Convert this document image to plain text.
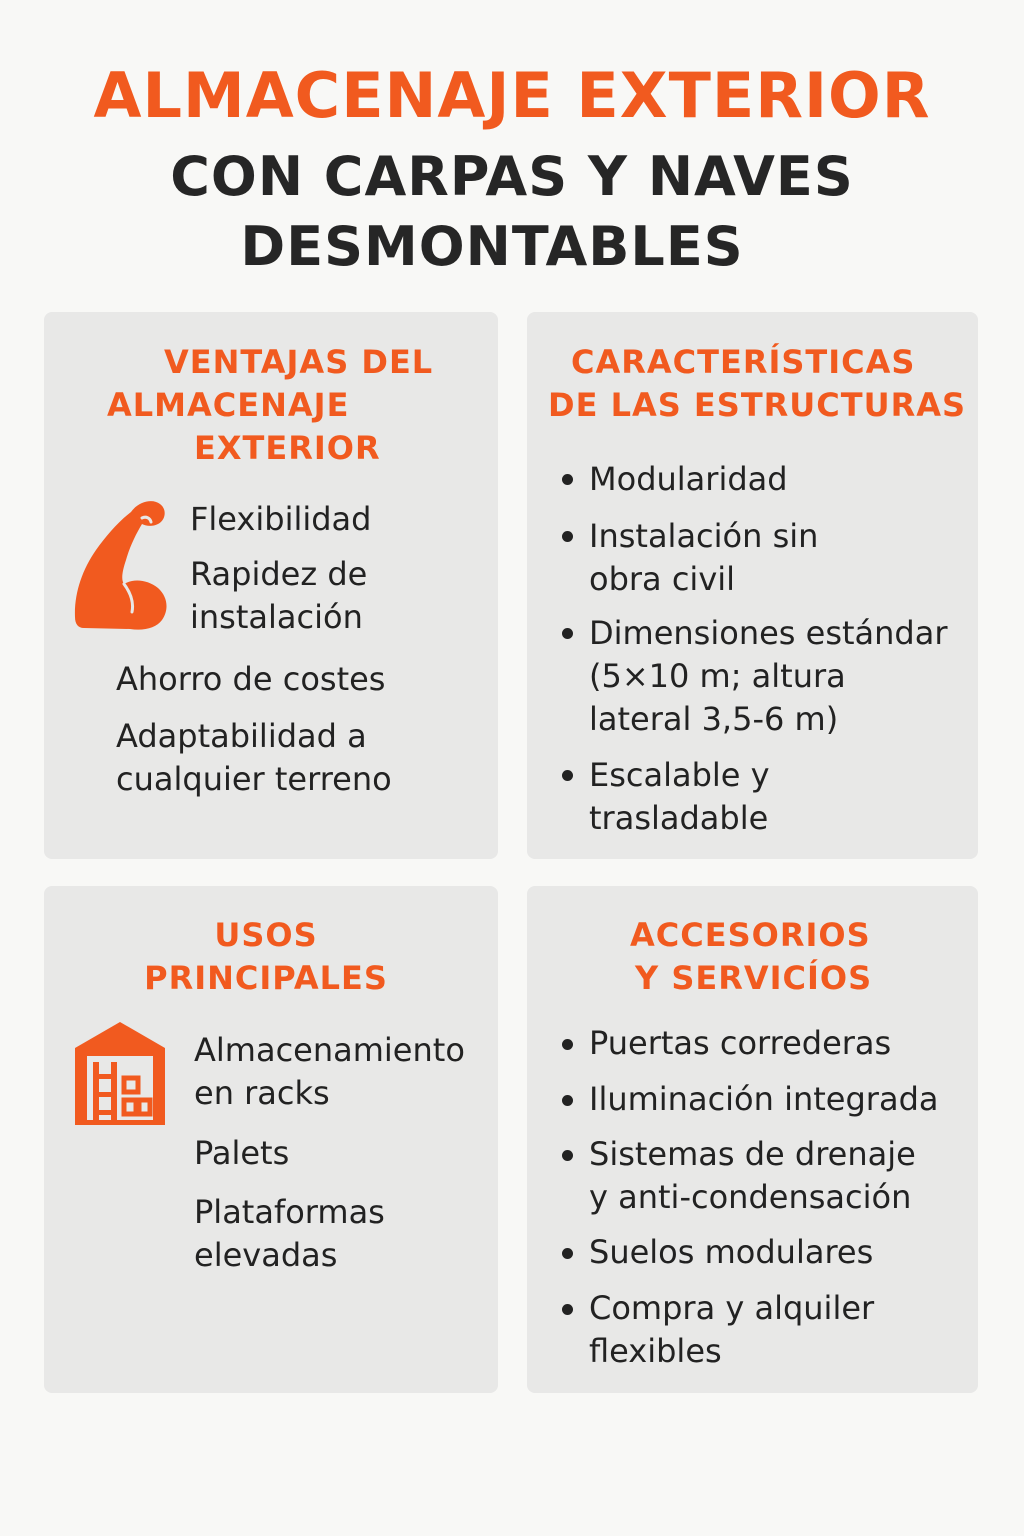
ALMACENAJE EXTERIOR
CON CARPAS Y NAVES
DESMONTABLES
VENTAJAS DEL
ALMACENAJE
EXTERIOR
Flexibilidad
Rapidez de
instalación
Ahorro de costes
Adaptabilidad a
cualquier terreno
CARACTERÍSTICAS
DE LAS ESTRUCTURAS
Modularidad
Instalación sin
obra civil
Dimensiones estándar
(5×10 m; altura
lateral 3,5-6 m)
Escalable y
trasladable
USOS
PRINCIPALES
Almacenamiento
en racks
Palets
Plataformas
elevadas
ACCESORIOS
Y SERVICÍOS
Puertas correderas
Iluminación integrada
Sistemas de drenaje
y anti-condensación
Suelos modulares
Compra y alquiler
flexibles
